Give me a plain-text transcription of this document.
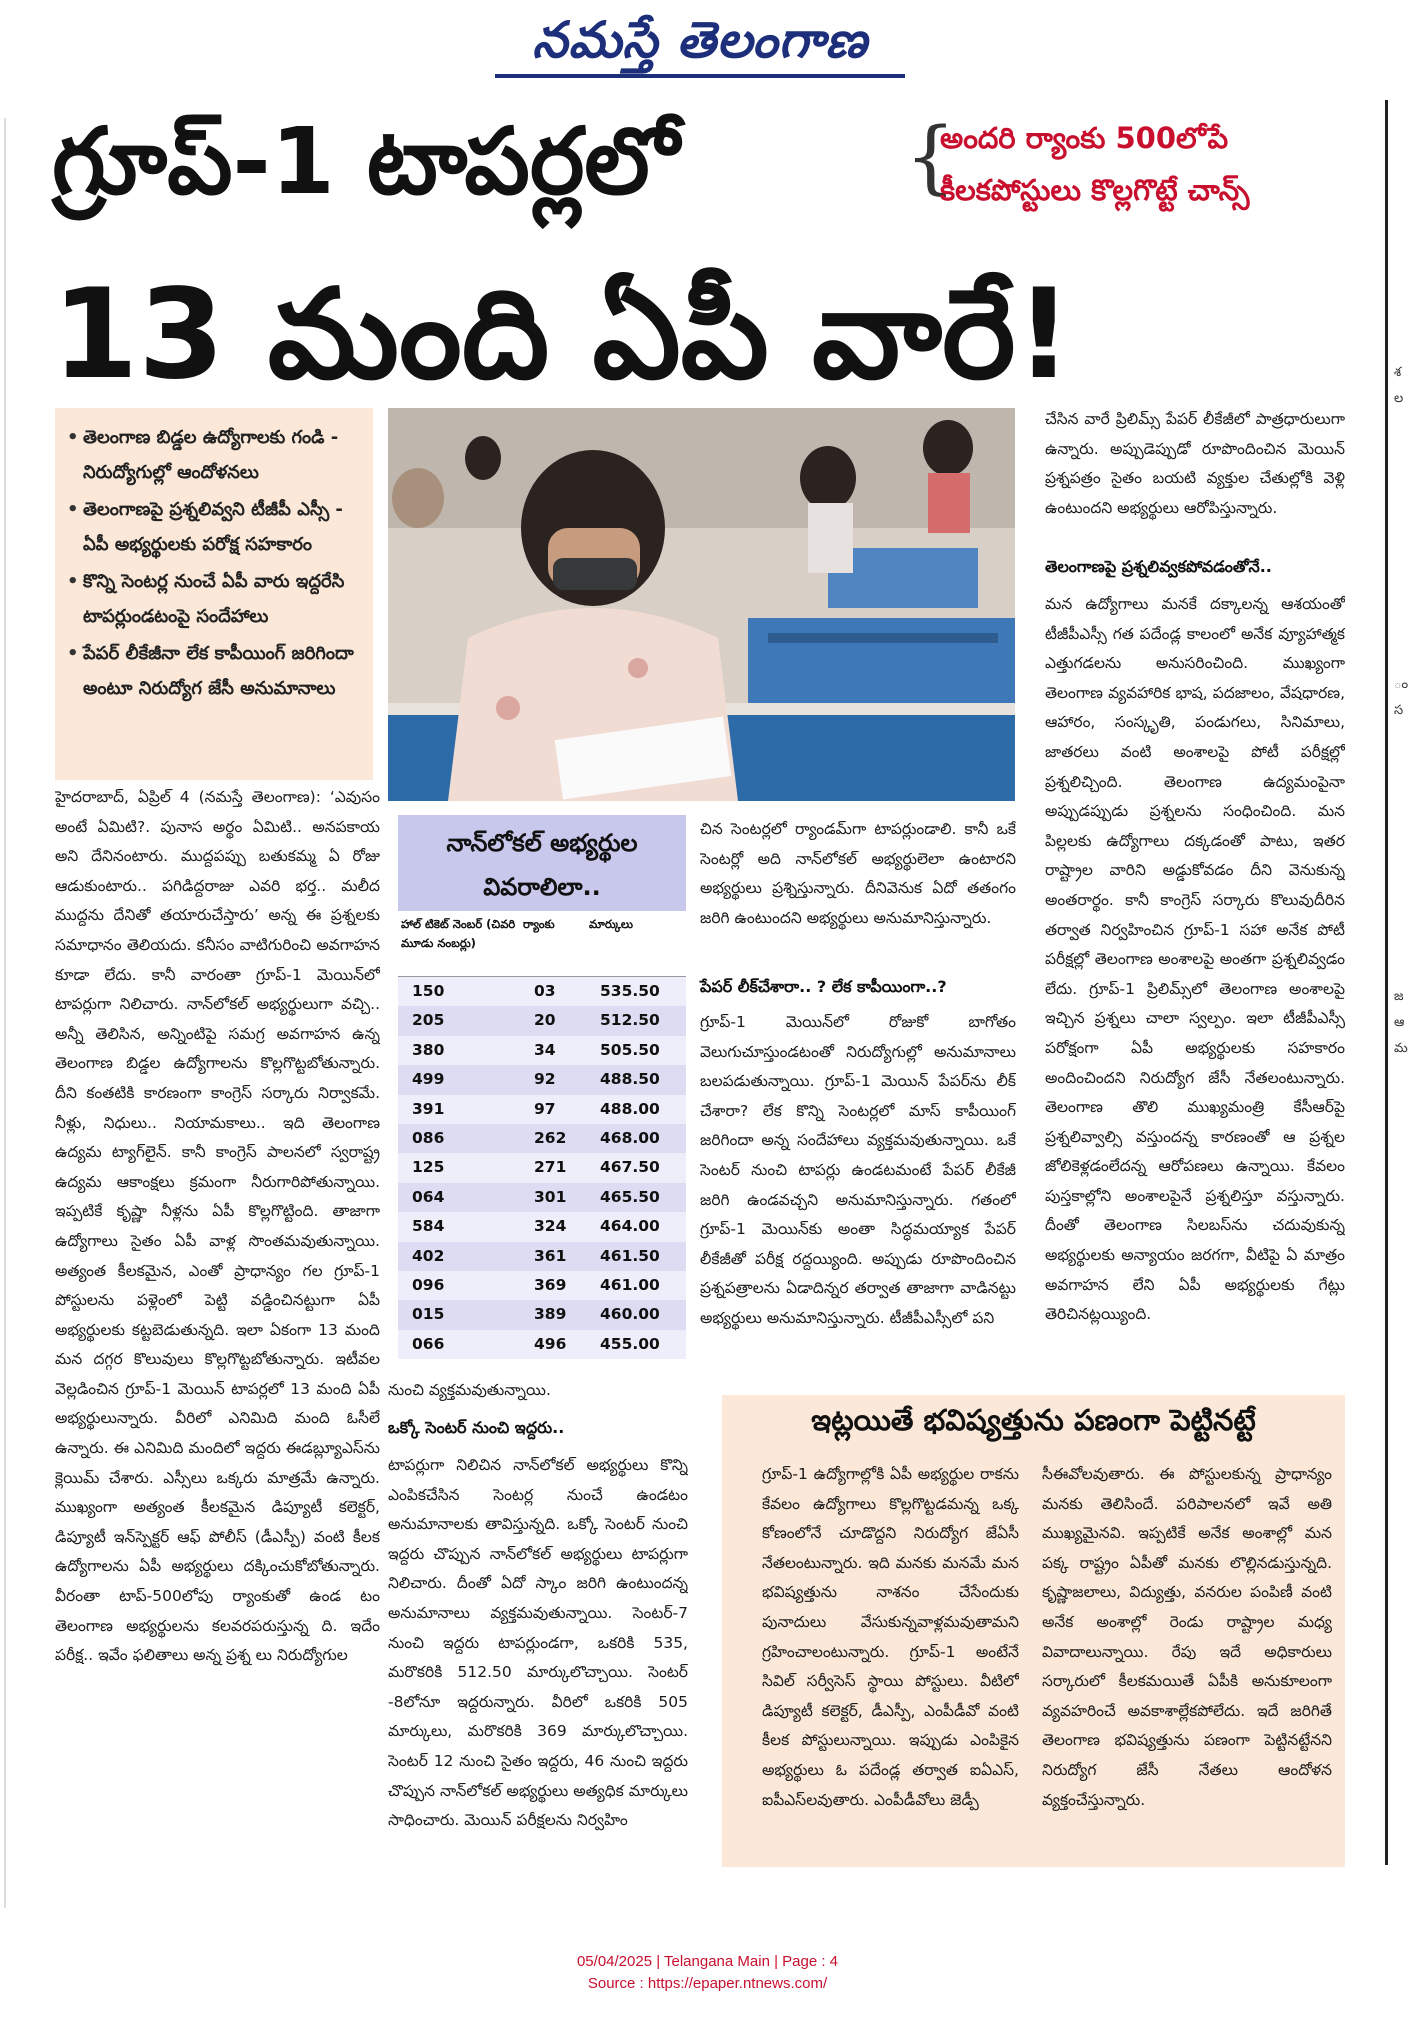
నమస్తే తెలంగాణ
గ్రూప్‌-1 టాపర్లలో	{
అందరి ర్యాంకు 500లోపే
కీలకపోస్టులు కొల్లగొట్టే చాన్స్
13 మంది ఏపీ వారే!
• తెలంగాణ బిడ్డల ఉద్యోగాలకు గండి - నిరుద్యోగుల్లో ఆందోళనలు
• తెలంగాణపై ప్రశ్నలివ్వని టీజీపీ ఎస్సీ - ఏపీ అభ్యర్థులకు పరోక్ష సహకారం
• కొన్ని సెంటర్ల నుంచే ఏపీ వారు ఇద్దరేసి టాపర్లుండటంపై సందేహాలు
• పేపర్‌ లీకేజీనా లేక కాపీయింగ్‌ జరిగిందా అంటూ నిరుద్యోగ జేసీ అనుమానాలు
హైదరాబాద్‌, ఏప్రిల్‌ 4 (నమస్తే తెలంగాణ): ‘ఎవుసం అంటే ఏమిటి?. పునాస అర్థం ఏమిటి.. అనపకాయ అని దేనినంటారు. ముద్దపప్పు బతుకమ్మ ఏ రోజు ఆడుకుంటారు.. పగిడిద్దరాజు ఎవరి భర్త.. మలీద ముద్దను దేనితో తయారుచేస్తారు’ అన్న ఈ ప్రశ్నలకు సమాధానం తెలియదు. కనీసం వాటిగురించి అవగాహన కూడా లేదు. కానీ వారంతా గ్రూప్‌-1 మెయిన్‌లో టాపర్లుగా నిలిచారు. నాన్‌లోకల్‌ అభ్యర్థులుగా వచ్చి.. అన్నీ తెలిసిన, అన్నింటిపై సమగ్ర అవగాహన ఉన్న తెలంగాణ బిడ్డల ఉద్యోగాలను కొల్లగొట్టబోతున్నారు. దీని కంతటికి కారణంగా కాంగ్రెస్‌ సర్కారు నిర్వాకమే. నీళ్లు, నిధులు.. నియామకాలు.. ఇది తెలంగాణ ఉద్యమ ట్యాగ్‌లైన్‌. కానీ కాంగ్రెస్‌ పాలనలో స్వరాష్ట్ర ఉద్యమ ఆకాంక్షలు క్రమంగా నీరుగారిపోతున్నాయి. ఇప్పటికే కృష్ణా నీళ్లను ఏపీ కొల్లగొట్టింది. తాజాగా ఉద్యోగాలు సైతం ఏపీ వాళ్ల సొంతమవుతున్నాయి. అత్యంత కీలకమైన, ఎంతో ప్రాధాన్యం గల గ్రూప్‌-1 పోస్టులను పళ్లెంలో పెట్టి వడ్డించినట్టుగా ఏపీ అభ్యర్థులకు కట్టబెడుతున్నది. ఇలా ఏకంగా 13 మంది మన దగ్గర కొలువులు కొల్లగొట్టబోతున్నారు. ఇటీవల వెల్లడించిన గ్రూప్‌-1 మెయిన్‌ టాపర్లలో 13 మంది ఏపీ అభ్యర్థులున్నారు. వీరిలో ఎనిమిది మంది ఓసీలే ఉన్నారు. ఈ ఎనిమిది మందిలో ఇద్దరు ఈడబ్ల్యూఎస్‌ను క్లెయిమ్‌ చేశారు. ఎస్సీలు ఒక్కరు మాత్రమే ఉన్నారు. ముఖ్యంగా అత్యంత కీలకమైన డిప్యూటీ కలెక్టర్‌, డిప్యూటీ ఇన్‌స్పెక్టర్‌ ఆఫ్‌ పోలీస్‌ (డీఎస్పీ) వంటి కీలక ఉద్యోగాలను ఏపీ అభ్యర్థులు దక్కించుకోబోతున్నారు. వీరంతా టాప్‌-500లోపు ర్యాంకుతో ఉండ టం తెలంగాణ అభ్యర్థులను కలవరపరుస్తున్న ది. ఇదేం పరీక్ష.. ఇవేం ఫలితాలు అన్న ప్రశ్న లు నిరుద్యోగుల
నాన్‌లోకల్‌ అభ్యర్థుల
వివరాలిలా..
హాల్‌ టికెట్‌ నెంబర్‌ (చివరి మూడు నంబర్లు)
ర్యాంకు	మార్కులు
150	03	535.50
205	20	512.50
380	34	505.50
499	92	488.50
391	97	488.00
086	262	468.00
125	271	467.50
064	301	465.50
584	324	464.00
402	361	461.50
096	369	461.00
015	389	460.00
066	496	455.00
నుంచి వ్యక్తమవుతున్నాయి.
ఒక్కో సెంటర్‌ నుంచి ఇద్దరు..
టాపర్లుగా నిలిచిన నాన్‌లోకల్‌ అభ్యర్థులు కొన్ని ఎంపికచేసిన సెంటర్ల నుంచే ఉండటం అనుమానాలకు తావిస్తున్నది. ఒక్కో సెంటర్‌ నుంచి ఇద్దరు చొప్పున నాన్‌లోకల్‌ అభ్యర్థులు టాపర్లుగా నిలిచారు. దీంతో ఏదో స్కాం జరిగి ఉంటుందన్న అనుమానాలు వ్యక్తమవుతున్నాయి. సెంటర్‌-7 నుంచి ఇద్దరు టాపర్లుండగా, ఒకరికి 535, మరొకరికి 512.50 మార్కులొచ్చాయి. సెంటర్‌ -8లోనూ ఇద్దరున్నారు. వీరిలో ఒకరికి 505 మార్కులు, మరొకరికి 369 మార్కులొచ్చాయి. సెంటర్‌ 12 నుంచి సైతం ఇద్దరు, 46 నుంచి ఇద్దరు చొప్పున నాన్‌లోకల్‌ అభ్యర్థులు అత్యధిక మార్కులు సాధించారు. మెయిన్‌ పరీక్షలను నిర్వహిం
చిన సెంటర్లలో ర్యాండమ్‌గా టాపర్లుండాలి. కానీ ఒకే సెంటర్లో అది నాన్‌లోకల్‌ అభ్యర్థులెలా ఉంటారని అభ్యర్థులు ప్రశ్నిస్తున్నారు. దీనివెనుక ఏదో తతంగం జరిగి ఉంటుందని అభ్యర్థులు అనుమానిస్తున్నారు.
పేపర్‌ లీక్‌చేశారా.. ? లేక కాపీయింగా..?
గ్రూప్‌-1 మెయిన్‌లో రోజుకో బాగోతం వెలుగుచూస్తుండటంతో నిరుద్యోగుల్లో అనుమానాలు బలపడుతున్నాయి. గ్రూప్‌-1 మెయిన్‌ పేపర్‌ను లీక్‌ చేశారా? లేక కొన్ని సెంటర్లలో మాస్‌ కాపీయింగ్‌ జరిగిందా అన్న సందేహాలు వ్యక్తమవుతున్నాయి. ఒకే సెంటర్‌ నుంచి టాపర్లు ఉండటమంటే పేపర్‌ లీకేజీ జరిగి ఉండవచ్చని అనుమానిస్తున్నారు. గతంలో గ్రూప్‌-1 మెయిన్‌కు అంతా సిద్ధమయ్యాక పేపర్‌ లీకేజీతో పరీక్ష రద్దయ్యింది. అప్పుడు రూపొందించిన ప్రశ్నపత్రాలను ఏడాదిన్నర తర్వాత తాజాగా వాడినట్టు అభ్యర్థులు అనుమానిస్తున్నారు. టీజీపీఎస్సీలో పని
చేసిన వారే ప్రిలిమ్స్‌ పేపర్‌ లీకేజీలో పాత్రధారులుగా ఉన్నారు. అప్పుడెప్పుడో రూపొందించిన మెయిన్‌ ప్రశ్నపత్రం సైతం బయటి వ్యక్తుల చేతుల్లోకి వెళ్లి ఉంటుందని అభ్యర్థులు ఆరోపిస్తున్నారు.
తెలంగాణపై ప్రశ్నలివ్వకపోవడంతోనే..
మన ఉద్యోగాలు మనకే దక్కాలన్న ఆశయంతో టీజీపీఎస్సీ గత పదేండ్ల కాలంలో అనేక వ్యూహాత్మక ఎత్తుగడలను అనుసరించింది. ముఖ్యంగా తెలంగాణ వ్యవహారిక భాష, పదజాలం, వేషధారణ, ఆహారం, సంస్కృతి, పండుగలు, సినిమాలు, జాతరలు వంటి అంశాలపై పోటీ పరీక్షల్లో ప్రశ్నలిచ్చింది. తెలంగాణ ఉద్యమంపైనా అప్పుడప్పుడు ప్రశ్నలను సంధించింది. మన పిల్లలకు ఉద్యోగాలు దక్కడంతో పాటు, ఇతర రాష్ట్రాల వారిని అడ్డుకోవడం దీని వెనుకున్న అంతరార్థం. కానీ కాంగ్రెస్‌ సర్కారు కొలువుదీరిన తర్వాత నిర్వహించిన గ్రూప్‌-1 సహా అనేక పోటీ పరీక్షల్లో తెలంగాణ అంశాలపై అంతగా ప్రశ్నలివ్వడం లేదు. గ్రూప్‌-1 ప్రిలిమ్స్‌లో తెలంగాణ అంశాలపై ఇచ్చిన ప్రశ్నలు చాలా స్వల్పం. ఇలా టీజీపీఎస్సీ పరోక్షంగా ఏపీ అభ్యర్థులకు సహకారం అందించిందని నిరుద్యోగ జేసీ నేతలంటున్నారు. తెలంగాణ తొలి ముఖ్యమంత్రి కేసీఆర్‌పై ప్రశ్నలివ్వాల్సి వస్తుందన్న కారణంతో ఆ ప్రశ్నల జోలికెళ్లడంలేదన్న ఆరోపణలు ఉన్నాయి. కేవలం పుస్తకాల్లోని అంశాలపైనే ప్రశ్నలిస్తూ వస్తున్నారు. దీంతో తెలంగాణ సిలబస్‌ను చదువుకున్న అభ్యర్థులకు అన్యాయం జరగగా, వీటిపై ఏ మాత్రం అవగాహన లేని ఏపీ అభ్యర్థులకు గేట్లు తెరిచినట్లయ్యింది.
ఇట్లయితే భవిష్యత్తును పణంగా పెట్టినట్టే
గ్రూప్‌-1 ఉద్యోగాల్లోకి ఏపీ అభ్యర్థుల రాకను కేవలం ఉద్యోగాలు కొల్లగొట్టడమన్న ఒక్క కోణంలోనే చూడొద్దని నిరుద్యోగ జేఏసీ నేతలంటున్నారు. ఇది మనకు మనమే మన భవిష్యత్తును నాశనం చేసేందుకు పునాదులు వేసుకున్నవాళ్లమవుతామని గ్రహించాలంటున్నారు. గ్రూప్‌-1 అంటేనే సివిల్‌ సర్వీసెస్‌ స్థాయి పోస్టులు. వీటిలో డిప్యూటీ కలెక్టర్‌, డీఎస్పీ, ఎంపీడీవో వంటి కీలక పోస్టులున్నాయి. ఇప్పుడు ఎంపికైన అభ్యర్థులు ఓ పదేండ్ల తర్వాత ఐఏఎస్‌, ఐపీఎస్‌లవుతారు. ఎంపీడీవోలు జెడ్పీ
సీఈవోలవుతారు. ఈ పోస్టులకున్న ప్రాధాన్యం మనకు తెలిసిందే. పరిపాలనలో ఇవే అతి ముఖ్యమైనవి. ఇప్పటికే అనేక అంశాల్లో మన పక్క రాష్ట్రం ఏపీతో మనకు లొల్లినడుస్తున్నది. కృష్ణాజలాలు, విద్యుత్తు, వనరుల పంపిణీ వంటి అనేక అంశాల్లో రెండు రాష్ట్రాల మధ్య వివాదాలున్నాయి. రేపు ఇదే అధికారులు సర్కారులో కీలకమయితే ఏపీకి అనుకూలంగా వ్యవహరించే అవకాశాల్లేకపోలేదు. ఇదే జరిగితే తెలంగాణ భవిష్యత్తును పణంగా పెట్టినట్టేనని నిరుద్యోగ జేసీ నేతలు ఆందోళన వ్యక్తంచేస్తున్నారు.
శ
ల
ం
స
జ
ఆ
మ
05/04/2025 | Telangana Main | Page : 4
Source : https://epaper.ntnews.com/
